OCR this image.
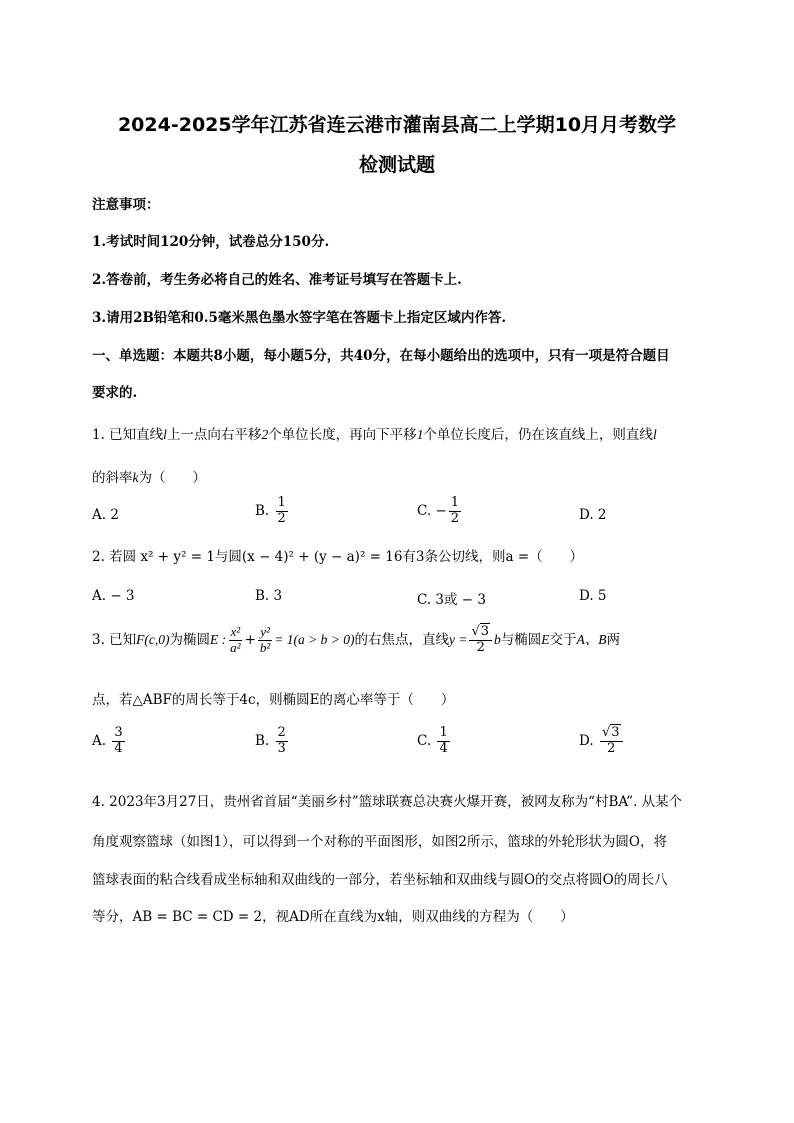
2024-2025学年江苏省连云港市灌南县高二上学期10月月考数学
检测试题
注意事项：
1.考试时间120分钟，试卷总分150分.
2.答卷前，考生务必将自己的姓名、准考证号填写在答题卡上.
3.请用2B铅笔和0.5毫米黑色墨水签字笔在答题卡上指定区域内作答.
一、单选题：本题共8小题，每小题5分，共40分，在每小题给出的选项中，只有一项是符合题目
要求的.
1. 已知直线l上一点向右平移2个单位长度，再向下平移1个单位长度后，仍在该直线上，则直线l
的斜率k为（　　）
A. 2	B. $\frac{1}{2}$	C. − $\frac{1}{2}$	D. 2
2. 若圆 x² + y² = 1与圆(x − 4)² + (y − a)² = 16有3条公切线，则a =（　　）
A. − 3	B. 3	C. 3或 − 3	D. 5
3. 已知F(c,0)为椭圆E : $\frac{\text{x²}}{\text{a²}} + \frac{\text{y²}}{\text{b²}} = 1(a > b > 0)$的右焦点，直线$y = \frac{√3}{2}$ b与椭圆E交于A、B两
点，若△ABF的周长等于4c，则椭圆E的离心率等于（　　）
A. $\frac{3}{4}$	B. $\frac{2}{3}$	C. $\frac{1}{4}$	D. $\frac{√3}{2}$
4. 2023年3月27日，贵州省首届“美丽乡村”篮球联赛总决赛火爆开赛，被网友称为“村BA”. 从某个
角度观察篮球（如图1），可以得到一个对称的平面图形，如图2所示，篮球的外轮形状为圆O，将
篮球表面的粘合线看成坐标轴和双曲线的一部分，若坐标轴和双曲线与圆O的交点将圆O的周长八
等分，AB = BC = CD = 2，视AD所在直线为x轴，则双曲线的方程为（　　）
